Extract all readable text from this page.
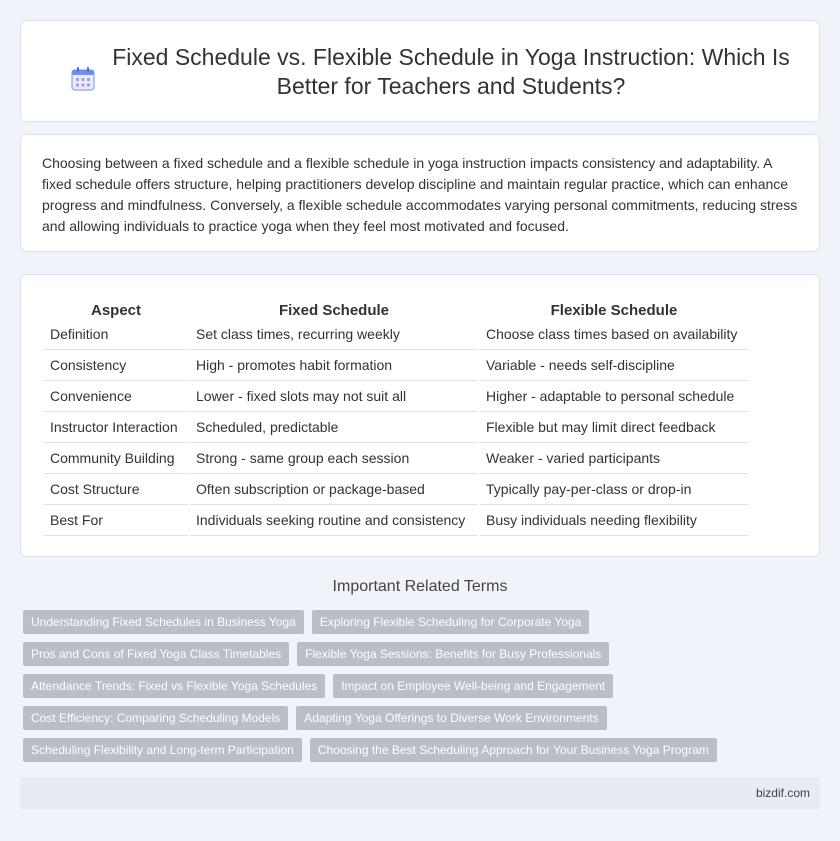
Fixed Schedule vs. Flexible Schedule in Yoga Instruction: Which Is Better for Teachers and Students?

Choosing between a fixed schedule and a flexible schedule in yoga instruction impacts consistency and adaptability. A fixed schedule offers structure, helping practitioners develop discipline and maintain regular practice, which can enhance progress and mindfulness. Conversely, a flexible schedule accommodates varying personal commitments, reducing stress and allowing individuals to practice yoga when they feel most motivated and focused.

Aspect	Fixed Schedule	Flexible Schedule
Definition	Set class times, recurring weekly	Choose class times based on availability
Consistency	High - promotes habit formation	Variable - needs self-discipline
Convenience	Lower - fixed slots may not suit all	Higher - adaptable to personal schedule
Instructor Interaction	Scheduled, predictable	Flexible but may limit direct feedback
Community Building	Strong - same group each session	Weaker - varied participants
Cost Structure	Often subscription or package-based	Typically pay-per-class or drop-in
Best For	Individuals seeking routine and consistency	Busy individuals needing flexibility
Important Related Terms
Understanding Fixed Schedules in Business Yoga	Exploring Flexible Scheduling for Corporate Yoga
Pros and Cons of Fixed Yoga Class Timetables	Flexible Yoga Sessions: Benefits for Busy Professionals
Attendance Trends: Fixed vs Flexible Yoga Schedules	Impact on Employee Well-being and Engagement
Cost Efficiency: Comparing Scheduling Models	Adapting Yoga Offerings to Diverse Work Environments
Scheduling Flexibility and Long-term Participation	Choosing the Best Scheduling Approach for Your Business Yoga Program
bizdif.com
